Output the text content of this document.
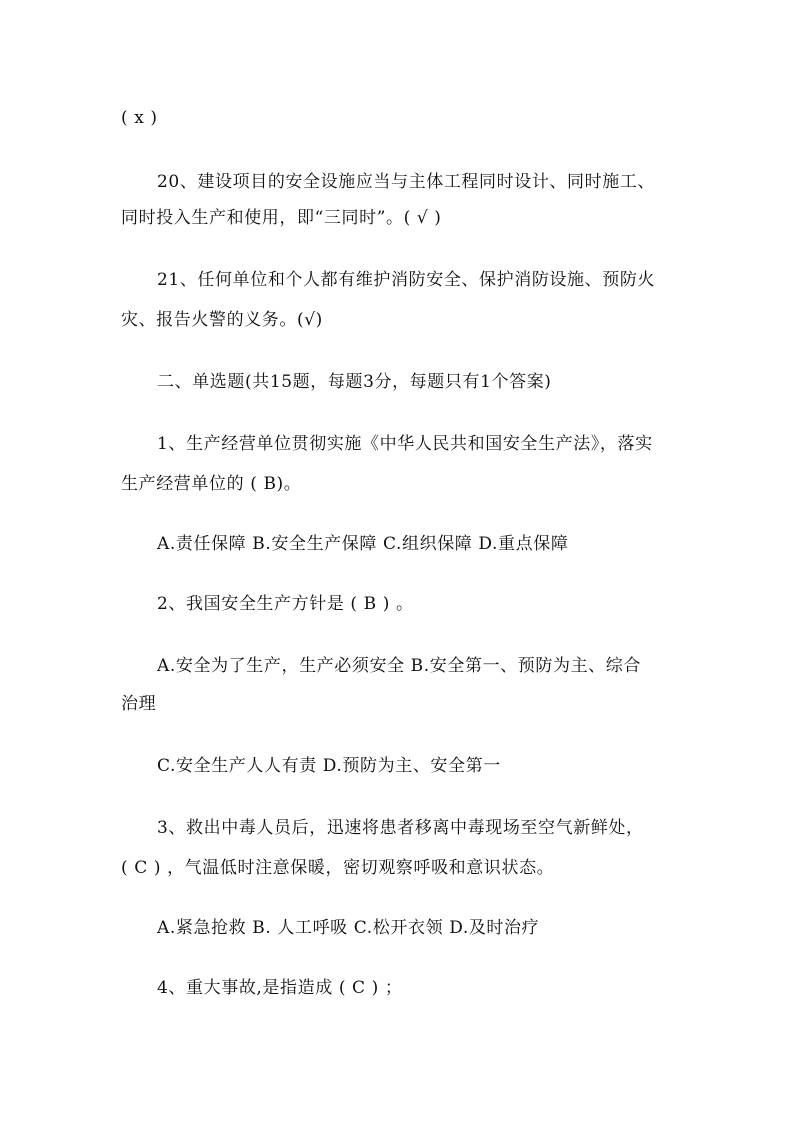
( x )
20、建设项目的安全设施应当与主体工程同时设计、同时施工、
同时投入生产和使用，即“三同时”。( √ )
21、任何单位和个人都有维护消防安全、保护消防设施、预防火
灾、报告火警的义务。(√)
二、单选题(共15题，每题3分，每题只有1个答案)
1、生产经营单位贯彻实施《中华人民共和国安全生产法》，落实
生产经营单位的 ( B)。
A.责任保障 B.安全生产保障 C.组织保障 D.重点保障
2、我国安全生产方针是 ( B ) 。
A.安全为了生产，生产必须安全 B.安全第一、预防为主、综合
治理
C.安全生产人人有责 D.预防为主、安全第一
3、救出中毒人员后，迅速将患者移离中毒现场至空气新鲜处，
( C ) ，气温低时注意保暖，密切观察呼吸和意识状态。
A.紧急抢救 B. 人工呼吸 C.松开衣领 D.及时治疗
4、重大事故,是指造成 ( C ) ；
